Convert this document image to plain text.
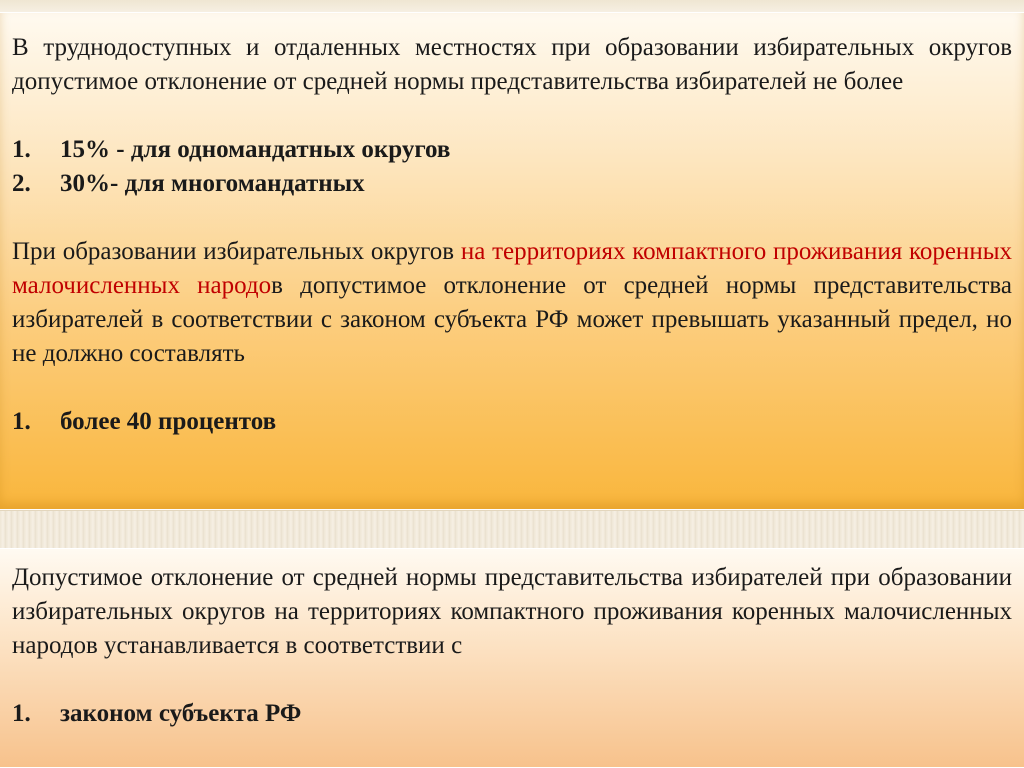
В труднодоступных и отдаленных местностях при образовании избирательных округов допустимое отклонение от средней нормы представительства избирателей не более

1.	15% - для одномандатных округов
2.	30%- для многомандатных

При образовании избирательных округов на территориях компактного проживания коренных малочисленных народов допустимое отклонение от средней нормы представительства избирателей в соответствии с законом субъекта РФ может превышать указанный предел, но не должно составлять

1.	более 40 процентов

Допустимое отклонение от средней нормы представительства избирателей при образовании избирательных округов на территориях компактного проживания коренных малочисленных народов устанавливается в соответствии с

1.	законом субъекта РФ
